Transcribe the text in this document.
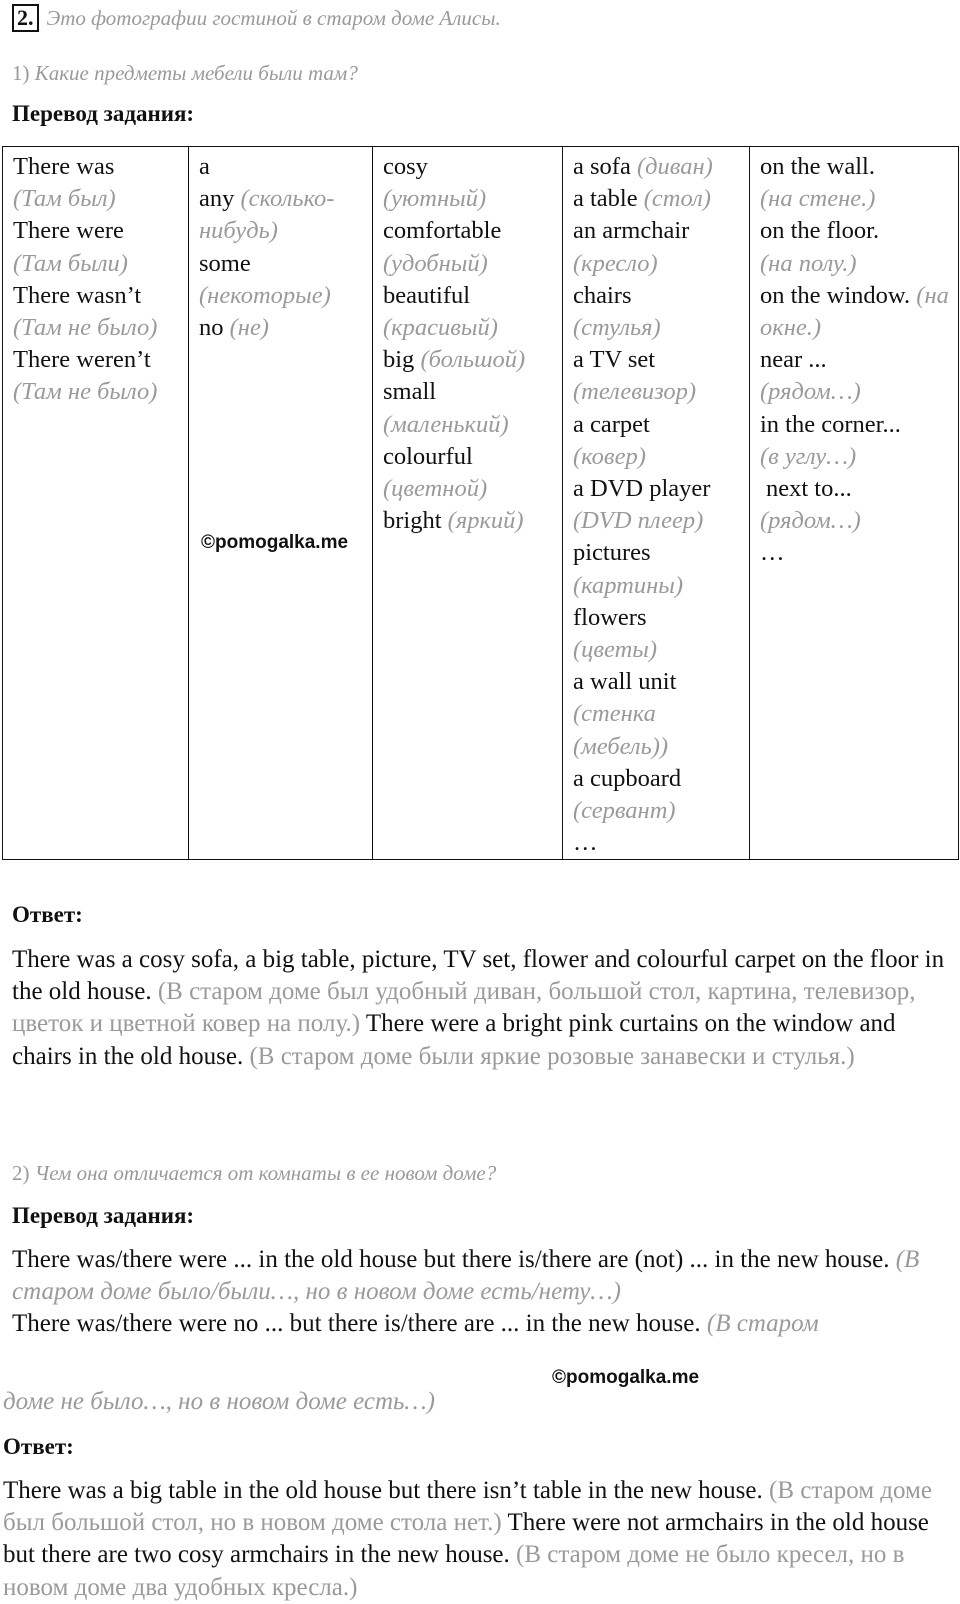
2. Это фотографии гостиной в старом доме Алисы.
1) Какие предметы мебели были там?
Перевод задания:
There was
(Там был)
There were
(Там были)
There wasn’t
(Там не было)
There weren’t
(Там не было)

a
any (сколько-нибудь)
some
(некоторые)
no (не)
©pomogalka.me

cosy
(уютный)
comfortable
(удобный)
beautiful
(красивый)
big (большой)
small
(маленький)
colourful
(цветной)
bright (яркий)

a sofa (диван)
a table (стол)
an armchair
(кресло)
chairs
(стулья)
a TV set
(телевизор)
a carpet
(ковер)
a DVD player
(DVD плеер)
pictures
(картины)
flowers
(цветы)
a wall unit
(стенка (мебель))
a cupboard
(сервант)
…

on the wall.
(на стене.)
on the floor.
(на полу.)
on the window. (на окне.)
near ...
(рядом…)
in the corner...
(в углу…)
next to...
(рядом…)
…
Ответ:
There was a cosy sofa, a big table, picture, TV set, flower and colourful carpet on the floor in the old house. (В старом доме был удобный диван, большой стол, картина, телевизор, цветок и цветной ковер на полу.) There were a bright pink curtains on the window and chairs in the old house. (В старом доме были яркие розовые занавески и стулья.)
2) Чем она отличается от комнаты в ее новом доме?
Перевод задания:
There was/there were ... in the old house but there is/there are (not) ... in the new house. (В старом доме было/были…, но в новом доме есть/нету…)
There was/there were no ... but there is/there are ... in the new house. (В старом
©pomogalka.me
доме не было…, но в новом доме есть…)
Ответ:
There was a big table in the old house but there isn’t table in the new house. (В старом доме был большой стол, но в новом доме стола нет.) There were not armchairs in the old house but there are two cosy armchairs in the new house. (В старом доме не было кресел, но в новом доме два удобных кресла.)
